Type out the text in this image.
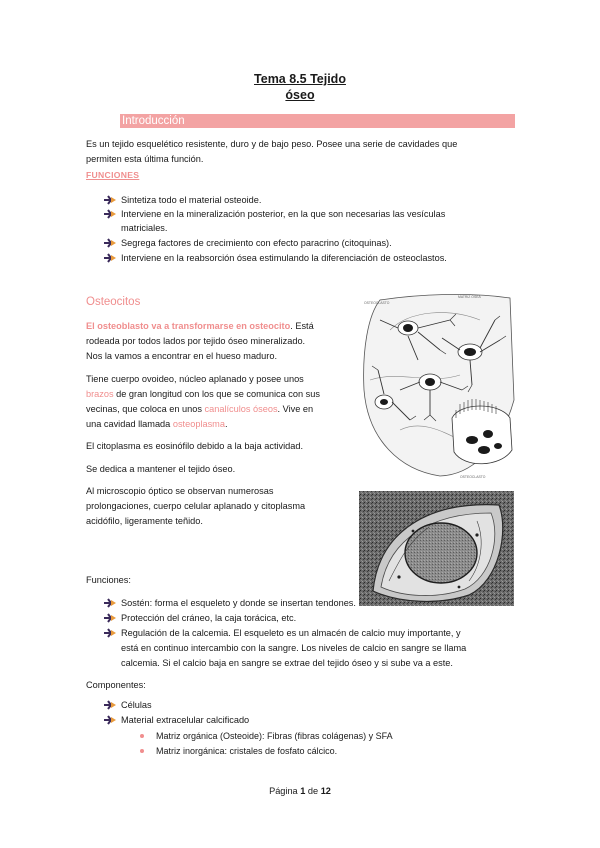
Tema 8.5 Tejido
óseo
Introducción
Es un tejido esquelético resistente, duro y de bajo peso. Posee una serie de cavidades que
permiten esta última función.
FUNCIONES
Sintetiza todo el material osteoide.
Interviene en la mineralización posterior, en la que son necesarias las vesículas
matriciales.
Segrega factores de crecimiento con efecto paracrino (citoquinas).
Interviene en la reabsorción ósea estimulando la diferenciación de osteoclastos.
Osteocitos
El osteoblasto va a transformarse en osteocito. Está
rodeada por todos lados por tejido óseo mineralizado.
Nos la vamos a encontrar en el hueso maduro.
Tiene cuerpo ovoideo, núcleo aplanado y posee unos
brazos de gran longitud con los que se comunica con sus
vecinas, que coloca en unos canalículos óseos. Vive en
una cavidad llamada osteoplasma.
El citoplasma es eosinófilo debido a la baja actividad.
Se dedica a mantener el tejido óseo.
Al microscopio óptico se observan numerosas
prolongaciones, cuerpo celular aplanado y citoplasma
acidófilo, ligeramente teñido.
OSTEOCLASTO
MATRIZ ÓSEA
OSTEOCLASTO
Funciones:
Sostén: forma el esqueleto y donde se insertan tendones.
Protección del cráneo, la caja torácica, etc.
Regulación de la calcemia. El esqueleto es un almacén de calcio muy importante, y
está en continuo intercambio con la sangre. Los niveles de calcio en sangre se llama
calcemia. Si el calcio baja en sangre se extrae del tejido óseo y si sube va a este.
Componentes:
Células
Material extracelular calcificado
Matriz orgánica (Osteoide): Fibras (fibras colágenas) y SFA
Matriz inorgánica: cristales de fosfato cálcico.
Página 1 de 12
